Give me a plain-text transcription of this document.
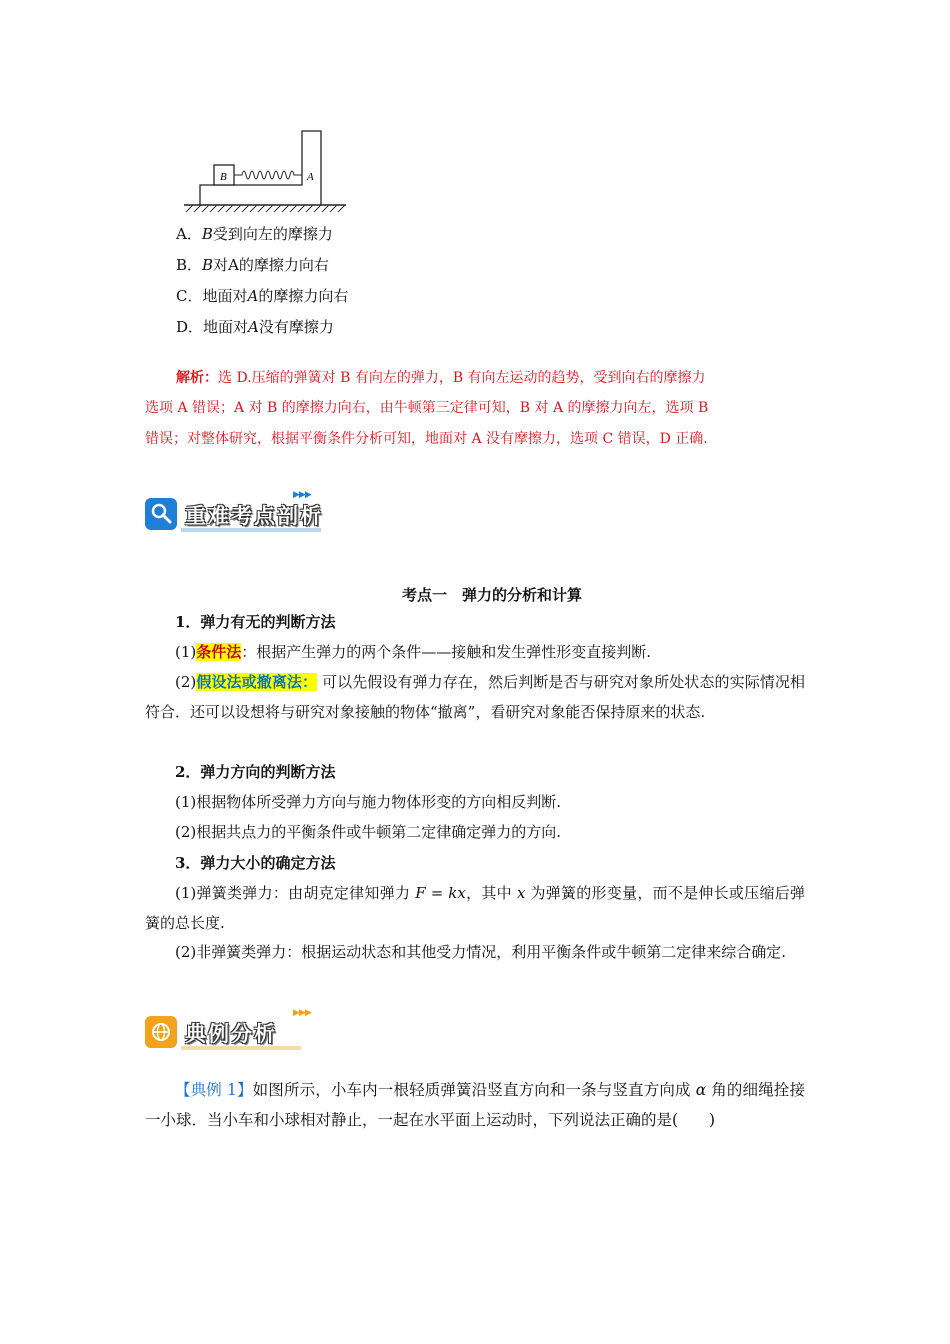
B	A
A．B受到向左的摩擦力
B．B对A的摩擦力向右
C．地面对A的摩擦力向右
D．地面对A没有摩擦力
解析：选 D.压缩的弹簧对 B 有向左的弹力，B 有向左运动的趋势，受到向右的摩擦力
选项 A 错误；A 对 B 的摩擦力向右，由牛顿第三定律可知，B 对 A 的摩擦力向左，选项 B
错误；对整体研究，根据平衡条件分析可知，地面对 A 没有摩擦力，选项 C 错误，D 正确.
重难考点剖析
▶▶▶
考点一　弹力的分析和计算
1．弹力有无的判断方法
(1)条件法：根据产生弹力的两个条件——接触和发生弹性形变直接判断.
(2)假设法或撤离法： 可以先假设有弹力存在，然后判断是否与研究对象所处状态的实际情况相符合．还可以设想将与研究对象接触的物体“撤离”，看研究对象能否保持原来的状态.
2．弹力方向的判断方法
(1)根据物体所受弹力方向与施力物体形变的方向相反判断.
(2)根据共点力的平衡条件或牛顿第二定律确定弹力的方向.
3．弹力大小的确定方法
(1)弹簧类弹力：由胡克定律知弹力 F = kx，其中 x 为弹簧的形变量，而不是伸长或压缩后弹簧的总长度.
(2)非弹簧类弹力：根据运动状态和其他受力情况，利用平衡条件或牛顿第二定律来综合确定.
典例分析
▶▶▶
【典例 1】如图所示，小车内一根轻质弹簧沿竖直方向和一条与竖直方向成 α 角的细绳拴接一小球．当小车和小球相对静止，一起在水平面上运动时，下列说法正确的是(　　)
